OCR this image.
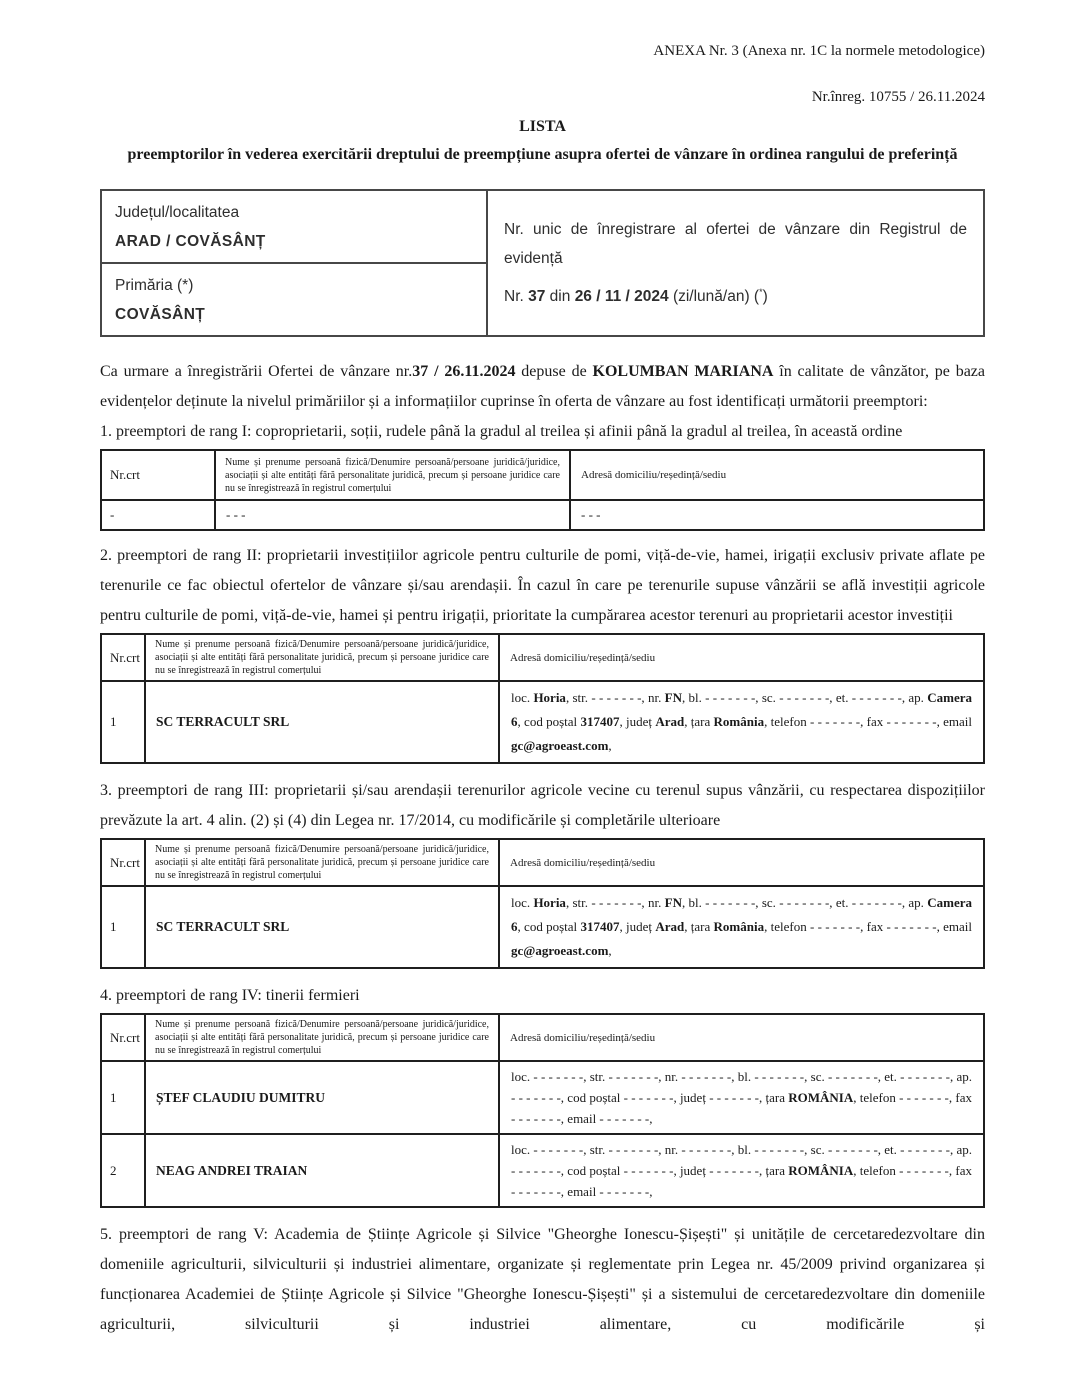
ANEXA Nr. 3 (Anexa nr. 1C la normele metodologice)
Nr.înreg. 10755 / 26.11.2024
LISTA
preemptorilor în vederea exercitării dreptului de preempțiune asupra ofertei de vânzare în ordinea rangului de preferință
Județul/localitatea
ARAD / COVĂSÂNȚ

Nr. unic de înregistrare al ofertei de vânzare din Registrul de evidență
Nr. 37 din 26 / 11 / 2024 (zi/lună/an) (*)

Primăria (*)
COVĂSÂNȚ

Ca urmare a înregistrării Ofertei de vânzare nr.37 / 26.11.2024 depuse de KOLUMBAN MARIANA în calitate de vânzător, pe baza evidențelor deținute la nivelul primăriilor și a informațiilor cuprinse în oferta de vânzare au fost identificați următorii preemptori:

1. preemptori de rang I: coproprietarii, soții, rudele până la gradul al treilea și afinii până la gradul al treilea, în această ordine

Nr.crt	Nume și prenume persoană fizică/Denumire persoană/persoane juridică/juridice, asociații și alte entități fără personalitate juridică, precum și persoane juridice care nu se înregistrează în registrul comerțului	Adresă domiciliu/reședință/sediu
-	- - -	- - -

2. preemptori de rang II: proprietarii investițiilor agricole pentru culturile de pomi, viță-de-vie, hamei, irigații exclusiv private aflate pe terenurile ce fac obiectul ofertelor de vânzare și/sau arendașii. În cazul în care pe terenurile supuse vânzării se află investiții agricole pentru culturile de pomi, viță-de-vie, hamei și pentru irigații, prioritate la cumpărarea acestor terenuri au proprietarii acestor investiții

Nr.crt	Nume și prenume persoană fizică/Denumire persoană/persoane juridică/juridice, asociații și alte entități fără personalitate juridică, precum și persoane juridice care nu se înregistrează în registrul comerțului	Adresă domiciliu/reședință/sediu
1	SC TERRACULT SRL	loc. Horia, str. - - - - - - -, nr. FN, bl. - - - - - - -, sc. - - - - - - -, et. - - - - - - -, ap. Camera 6, cod poștal 317407, județ Arad, țara România, telefon - - - - - - -, fax - - - - - - -, email gc@agroeast.com,

3. preemptori de rang III: proprietarii și/sau arendașii terenurilor agricole vecine cu terenul supus vânzării, cu respectarea dispozițiilor prevăzute la art. 4 alin. (2) și (4) din Legea nr. 17/2014, cu modificările și completările ulterioare

Nr.crt	Nume și prenume persoană fizică/Denumire persoană/persoane juridică/juridice, asociații și alte entități fără personalitate juridică, precum și persoane juridice care nu se înregistrează în registrul comerțului	Adresă domiciliu/reședință/sediu
1	SC TERRACULT SRL	loc. Horia, str. - - - - - - -, nr. FN, bl. - - - - - - -, sc. - - - - - - -, et. - - - - - - -, ap. Camera 6, cod poștal 317407, județ Arad, țara România, telefon - - - - - - -, fax - - - - - - -, email gc@agroeast.com,

4. preemptori de rang IV: tinerii fermieri

Nr.crt	Nume și prenume persoană fizică/Denumire persoană/persoane juridică/juridice, asociații și alte entități fără personalitate juridică, precum și persoane juridice care nu se înregistrează în registrul comerțului	Adresă domiciliu/reședință/sediu
1	ȘTEF CLAUDIU DUMITRU	loc. - - - - - - -, str. - - - - - - -, nr. - - - - - - -, bl. - - - - - - -, sc. - - - - - - -, et. - - - - - - -, ap. - - - - - - -, cod poștal - - - - - - -, județ - - - - - - -, țara ROMÂNIA, telefon - - - - - - -, fax - - - - - - -, email - - - - - - -,
2	NEAG ANDREI TRAIAN	loc. - - - - - - -, str. - - - - - - -, nr. - - - - - - -, bl. - - - - - - -, sc. - - - - - - -, et. - - - - - - -, ap. - - - - - - -, cod poștal - - - - - - -, județ - - - - - - -, țara ROMÂNIA, telefon - - - - - - -, fax - - - - - - -, email - - - - - - -,

5. preemptori de rang V: Academia de Științe Agricole și Silvice "Gheorghe Ionescu-Șișești" și unitățile de cercetaredezvoltare din domeniile agriculturii, silviculturii și industriei alimentare, organizate și reglementate prin Legea nr. 45/2009 privind organizarea și funcționarea Academiei de Științe Agricole și Silvice "Gheorghe Ionescu-Șișești" și a sistemului de cercetaredezvoltare din domeniile agriculturii, silviculturii și industriei alimentare, cu modificările și
